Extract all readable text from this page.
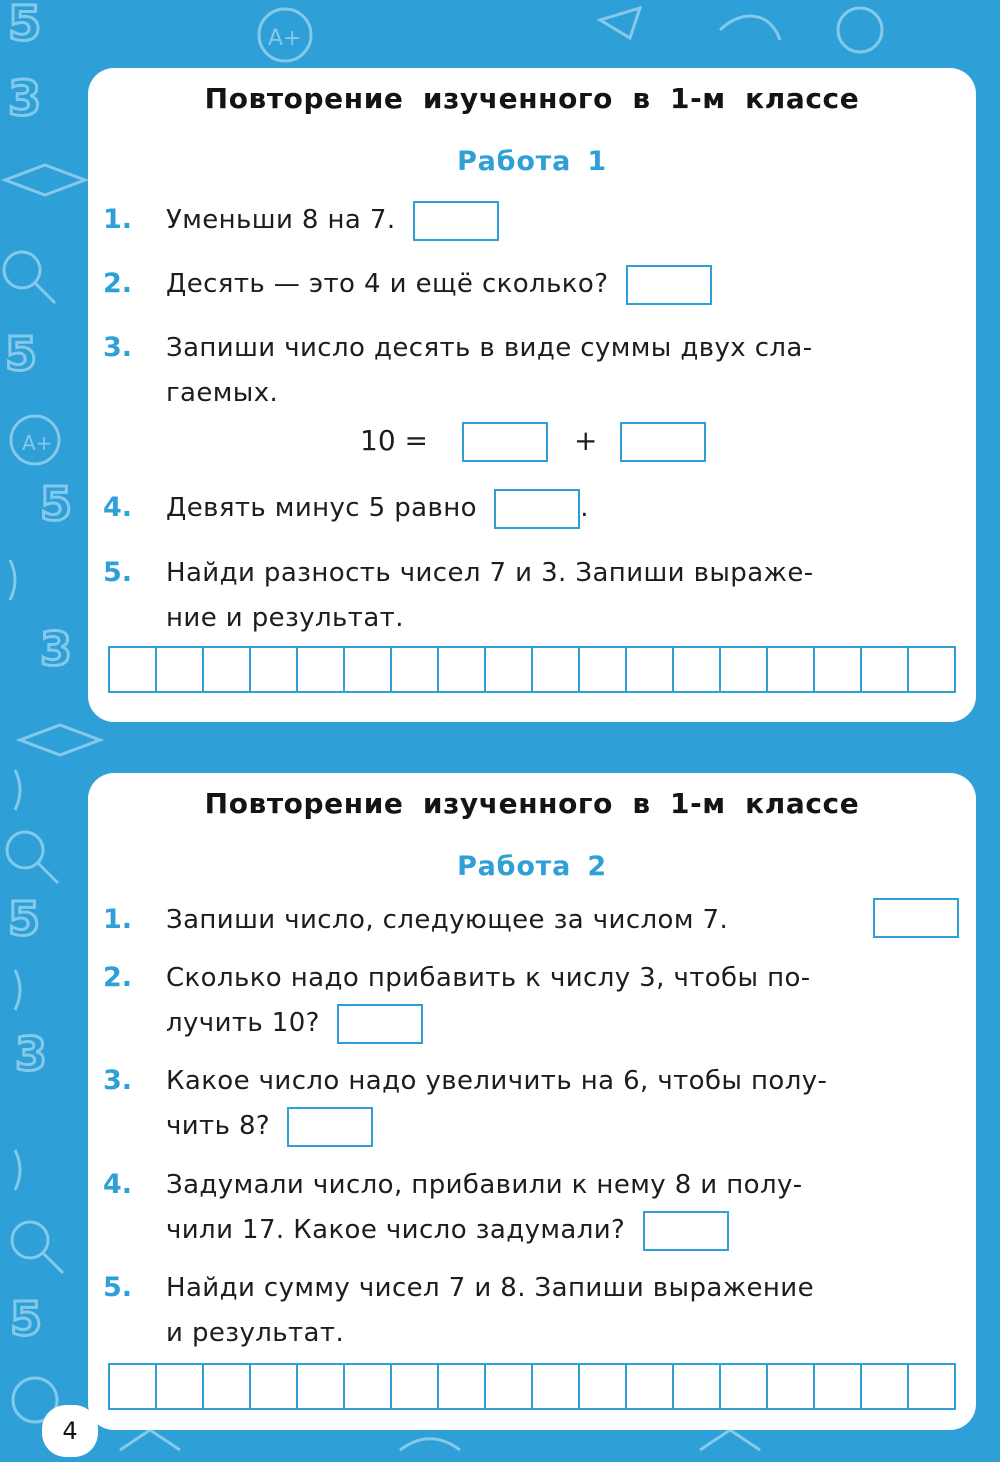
5	A+
3
5
A+
5
3
5
3
5
Повторение изученного в 1-м классе
Работа 1
1.	Уменьши 8 на 7.
2.	Десять — это 4 и ещё сколько?
3.	Запиши число десять в виде суммы двух сла-
гаемых.
10 =	+
4.	Девять минус 5 равно	.
5.	Найди разность чисел 7 и 3. Запиши выраже-
ние и результат.
Повторение изученного в 1-м классе
Работа 2
1.	Запиши число, следующее за числом 7.
2.	Сколько надо прибавить к числу 3, чтобы по-
лучить 10?
3.	Какое число надо увеличить на 6, чтобы полу-
чить 8?
4.	Задумали число, прибавили к нему 8 и полу-
чили 17. Какое число задумали?
5.	Найди сумму чисел 7 и 8. Запиши выражение
и результат.
4
